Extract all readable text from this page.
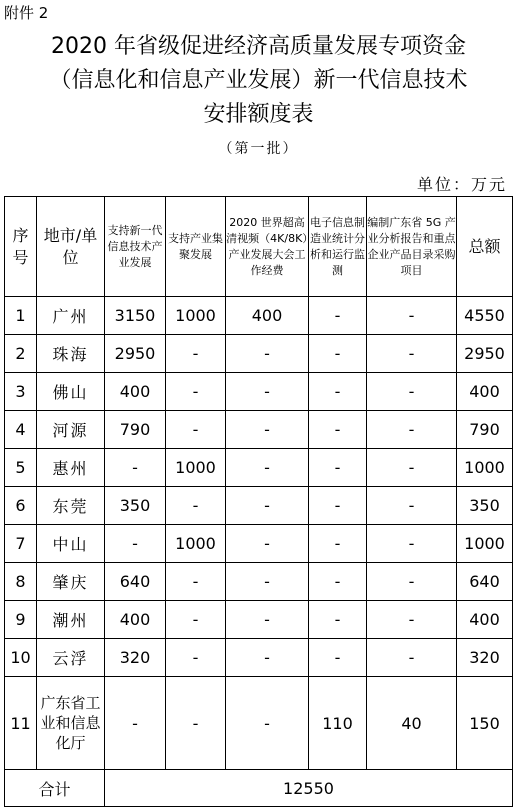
附件 2
2020 年省级促进经济高质量发展专项资金
（信息化和信息产业发展）新一代信息技术
安排额度表
（第一批）
单位：万元
序号	地市/单位	支持新一代信息技术产业发展	支持产业集聚发展	2020 世界超高清视频（4K/8K）产业发展大会工作经费	电子信息制造业统计分析和运行监测	编制广东省 5G 产业分析报告和重点企业产品目录采购项目	总额
1	广州	3150	1000	400	-	-	4550
2	珠海	2950	-	-	-	-	2950
3	佛山	400	-	-	-	-	400
4	河源	790	-	-	-	-	790
5	惠州	-	1000	-	-	-	1000
6	东莞	350	-	-	-	-	350
7	中山	-	1000	-	-	-	1000
8	肇庆	640	-	-	-	-	640
9	潮州	400	-	-	-	-	400
10	云浮	320	-	-	-	-	320
11	广东省工业和信息化厅	-	-	-	110	40	150
合计		12550					
